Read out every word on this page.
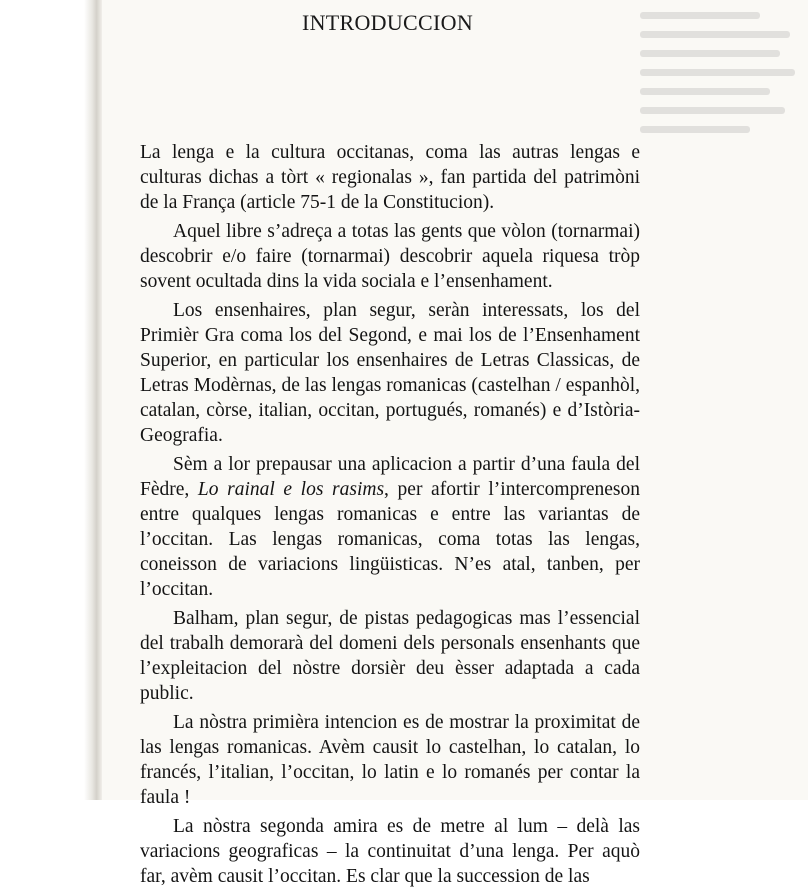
INTRODUCCION

La lenga e la cultura occitanas, coma las autras lengas e culturas dichas a tòrt « regionalas », fan partida del patrimòni de la França (article 75-1 de la Constitucion).

Aquel libre s’adreça a totas las gents que vòlon (tornarmai) descobrir e/o faire (tornarmai) descobrir aquela riquesa tròp sovent ocultada dins la vida sociala e l’ensenhament.

Los ensenhaires, plan segur, seràn interessats, los del Primièr Gra coma los del Segond, e mai los de l’Ensenhament Superior, en particular los ensenhaires de Letras Classicas, de Letras Modèrnas, de las lengas romanicas (castelhan / espanhòl, catalan, còrse, italian, occitan, portugués, romanés) e d’Istòria-Geografia.

Sèm a lor prepausar una aplicacion a partir d’una faula del Fèdre, Lo rainal e los rasims, per afortir l’intercompreneson entre qualques lengas romanicas e entre las variantas de l’occitan. Las lengas romanicas, coma totas las lengas, coneisson de variacions lingüisticas. N’es atal, tanben, per l’occitan.

Balham, plan segur, de pistas pedagogicas mas l’essencial del trabalh demorarà del domeni dels personals ensenhants que l’expleitacion del nòstre dorsièr deu èsser adaptada a cada public.

La nòstra primièra intencion es de mostrar la proximitat de las lengas romanicas. Avèm causit lo castelhan, lo catalan, lo francés, l’italian, l’occitan, lo latin e lo romanés per contar la faula !

La nòstra segonda amira es de metre al lum – delà las variacions geograficas – la continuitat d’una lenga. Per aquò far, avèm causit l’occitan. Es clar que la succession de las
